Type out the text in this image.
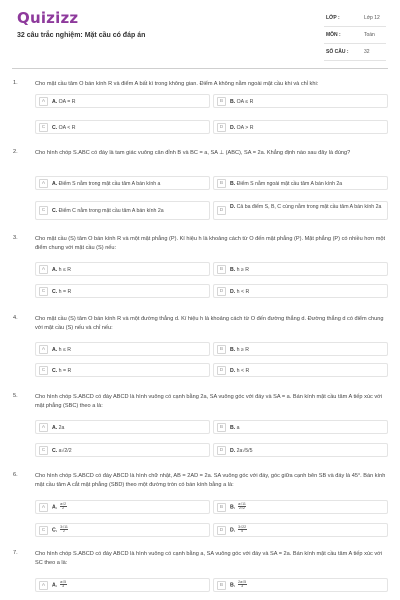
Quizizz
32 câu trắc nghiệm: Mặt cầu có đáp án
LỚP :	Lớp 12
MÔN :	Toán
SỐ CÂU :	32
1.	Cho mặt cầu tâm O bán kính R và điểm A bất kì trong không gian. Điểm A không nằm ngoài mặt cầu khi và chỉ khi:
A	A. OA = R	B	B. OA ≤ R
C	C. OA < R	D	D. OA > R
2.	Cho hình chóp S.ABC có đáy là tam giác vuông cân đỉnh B và BC = a, SA ⊥ (ABC), SA = 2a. Khẳng định nào sau đây là đúng?
A	A. Điểm S nằm trong mặt cầu tâm A bán kính a	B	B. Điểm S nằm ngoài mặt cầu tâm A bán kính 2a
C	C. Điểm C nằm trong mặt cầu tâm A bán kính 2a	D
D. Cả ba điểm S, B, C cùng nằm trong mặt cầu tâm A bán kính 2a
3.	Cho mặt cầu (S) tâm O bán kính R và một mặt phẳng (P). Kí hiệu h là khoảng cách từ O đến mặt phẳng (P). Mặt phẳng (P) có nhiều hơn một điểm chung với mặt cầu (S) nếu:
A	A. h ≤ R	B	B. h ≥ R
C	C. h = R	D	D. h < R
4.	Cho mặt cầu (S) tâm O bán kính R và một đường thẳng d. Kí hiệu h là khoảng cách từ O đến đường thẳng d. Đường thẳng d có điểm chung với mặt cầu (S) nếu và chỉ nếu:
A	A. h ≤ R	B	B. h ≥ R
C	C. h = R	D	D. h < R
5.	Cho hình chóp S.ABCD có đáy ABCD là hình vuông có cạnh bằng 2a, SA vuông góc với đáy và SA = a. Bán kính mặt cầu tâm A tiếp xúc với mặt phẳng (SBC) theo a là:
A	A. 2a	B	B. a
C	C. a√2/2	D	D. 2a√5/5
6.	Cho hình chóp S.ABCD có đáy ABCD là hình chữ nhật, AB = 2AD = 2a. SA vuông góc với đáy, góc giữa cạnh bên SB và đáy là 45°. Bán kính mặt cầu tâm A cắt mặt phẳng (SBD) theo một đường tròn có bán kính bằng a là:
A	A. $\frac{a√2}{2}$	B	B. $\frac{a√11}{2√2}$
C	C. $\frac{3√11}{2}$	D	D. $\frac{3√22}{5}$
7.	Cho hình chóp S.ABCD có đáy ABCD là hình vuông có cạnh bằng a, SA vuông góc với đáy và SA = 2a. Bán kính mặt cầu tâm A tiếp xúc với SC theo a là:
A	A. $\frac{a√5}{3}$	B	B. $\frac{2a√5}{3}$
